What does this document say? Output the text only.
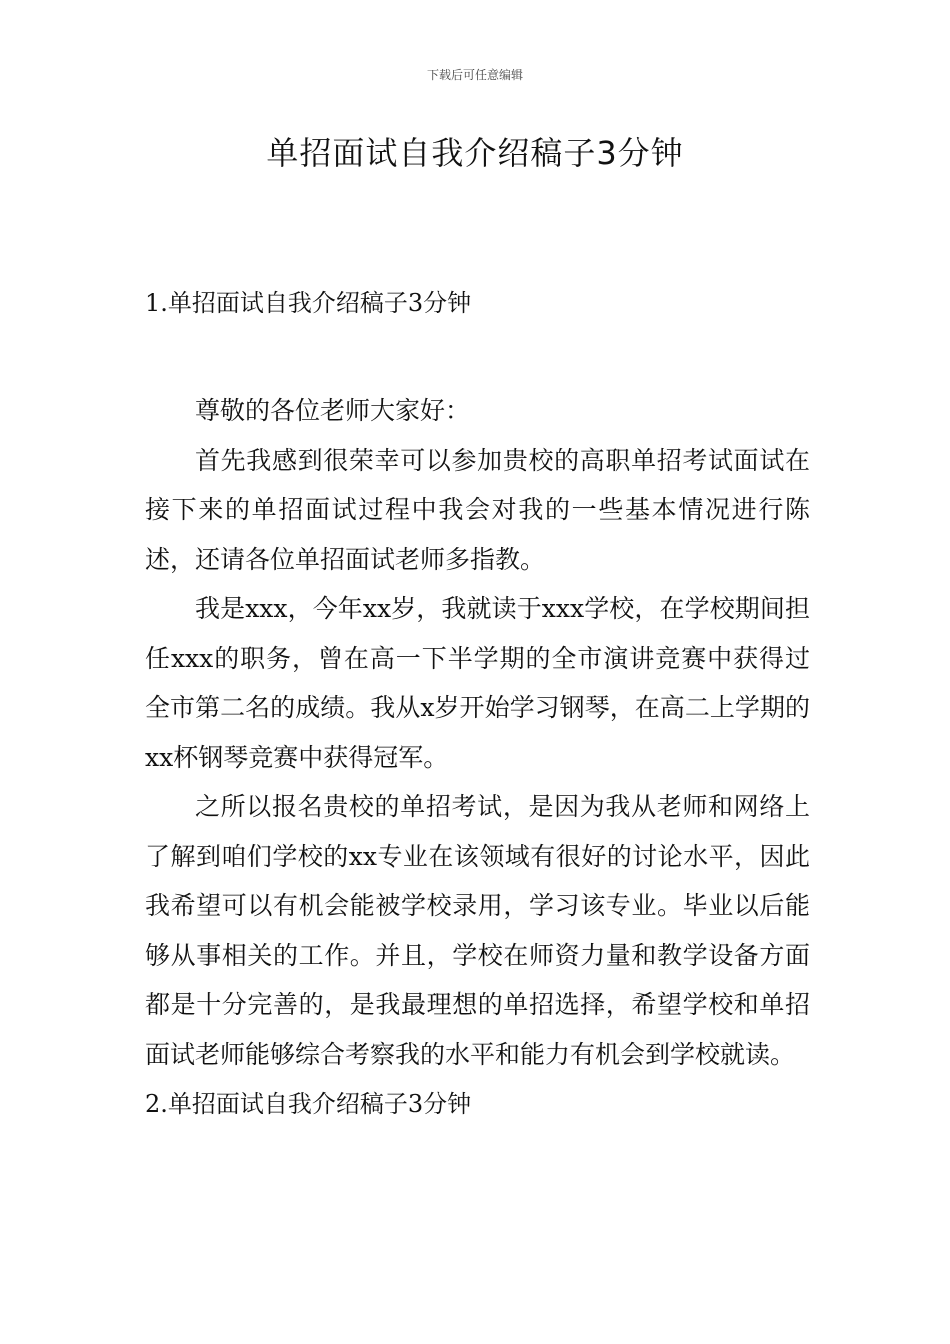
下载后可任意编辑
单招面试自我介绍稿子3分钟

1.单招面试自我介绍稿子3分钟

尊敬的各位老师大家好：

首先我感到很荣幸可以参加贵校的高职单招考试面试在接下来的单招面试过程中我会对我的一些基本情况进行陈述，还请各位单招面试老师多指教。

我是xxx，今年xx岁，我就读于xxx学校，在学校期间担任xxx的职务，曾在高一下半学期的全市演讲竞赛中获得过全市第二名的成绩。我从x岁开始学习钢琴，在高二上学期的xx杯钢琴竞赛中获得冠军。

之所以报名贵校的单招考试，是因为我从老师和网络上了解到咱们学校的xx专业在该领域有很好的讨论水平，因此我希望可以有机会能被学校录用，学习该专业。毕业以后能够从事相关的工作。并且，学校在师资力量和教学设备方面都是十分完善的，是我最理想的单招选择，希望学校和单招面试老师能够综合考察我的水平和能力有机会到学校就读。

2.单招面试自我介绍稿子3分钟
